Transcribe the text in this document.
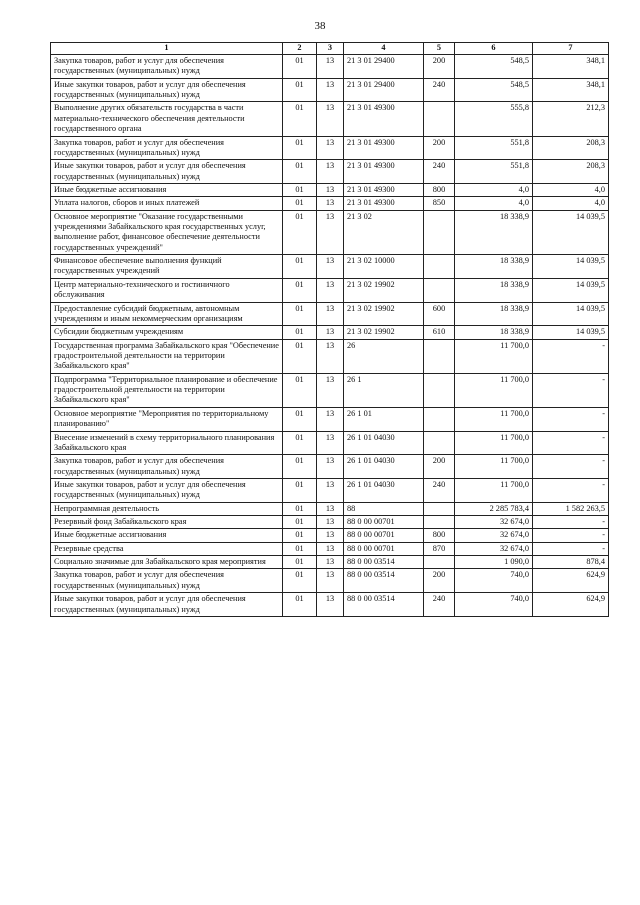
38
1	2	3	4	5	6	7
Закупка товаров, работ и услуг для обеспечения государственных (муниципальных) нужд	01	13	21 3 01 29400	200	548,5	348,1
Иные закупки товаров, работ и услуг для обеспечения государственных (муниципальных) нужд	01	13	21 3 01 29400	240	548,5	348,1
Выполнение других обязательств государства в части материально-технического обеспечения деятельности государственного органа	01	13	21 3 01 49300		555,8	212,3
Закупка товаров, работ и услуг для обеспечения государственных (муниципальных) нужд	01	13	21 3 01 49300	200	551,8	208,3
Иные закупки товаров, работ и услуг для обеспечения государственных (муниципальных) нужд	01	13	21 3 01 49300	240	551,8	208,3
Иные бюджетные ассигнования	01	13	21 3 01 49300	800	4,0	4,0
Уплата налогов, сборов и иных платежей	01	13	21 3 01 49300	850	4,0	4,0
Основное мероприятие "Оказание государственными учреждениями Забайкальского края государственных услуг, выполнение работ, финансовое обеспечение деятельности государственных учреждений"	01	13	21 3 02		18 338,9	14 039,5
Финансовое обеспечение выполнения функций государственных учреждений	01	13	21 3 02 10000		18 338,9	14 039,5
Центр материально-технического и гостиничного обслуживания	01	13	21 3 02 19902		18 338,9	14 039,5
Предоставление субсидий бюджетным, автономным учреждениям и иным некоммерческим организациям	01	13	21 3 02 19902	600	18 338,9	14 039,5
Субсидии бюджетным учреждениям	01	13	21 3 02 19902	610	18 338,9	14 039,5
Государственная программа Забайкальского края "Обеспечение градостроительной деятельности на территории Забайкальского края"	01	13	26		11 700,0	-
Подпрограмма "Территориальное планирование и обеспечение градостроительной деятельности на территории Забайкальского края"	01	13	26 1		11 700,0	-
Основное мероприятие "Мероприятия по территориальному планированию"	01	13	26 1 01		11 700,0	-
Внесение изменений в схему территориального планирования Забайкальского края	01	13	26 1 01 04030		11 700,0	-
Закупка товаров, работ и услуг для обеспечения государственных (муниципальных) нужд	01	13	26 1 01 04030	200	11 700,0	-
Иные закупки товаров, работ и услуг для обеспечения государственных (муниципальных) нужд	01	13	26 1 01 04030	240	11 700,0	-
Непрограммная деятельность	01	13	88		2 285 783,4	1 582 263,5
Резервный фонд Забайкальского края	01	13	88 0 00 00701		32 674,0	-
Иные бюджетные ассигнования	01	13	88 0 00 00701	800	32 674,0	-
Резервные средства	01	13	88 0 00 00701	870	32 674,0	-
Социально значимые для Забайкальского края мероприятия	01	13	88 0 00 03514		1 090,0	878,4
Закупка товаров, работ и услуг для обеспечения государственных (муниципальных) нужд	01	13	88 0 00 03514	200	740,0	624,9
Иные закупки товаров, работ и услуг для обеспечения государственных (муниципальных) нужд	01	13	88 0 00 03514	240	740,0	624,9
